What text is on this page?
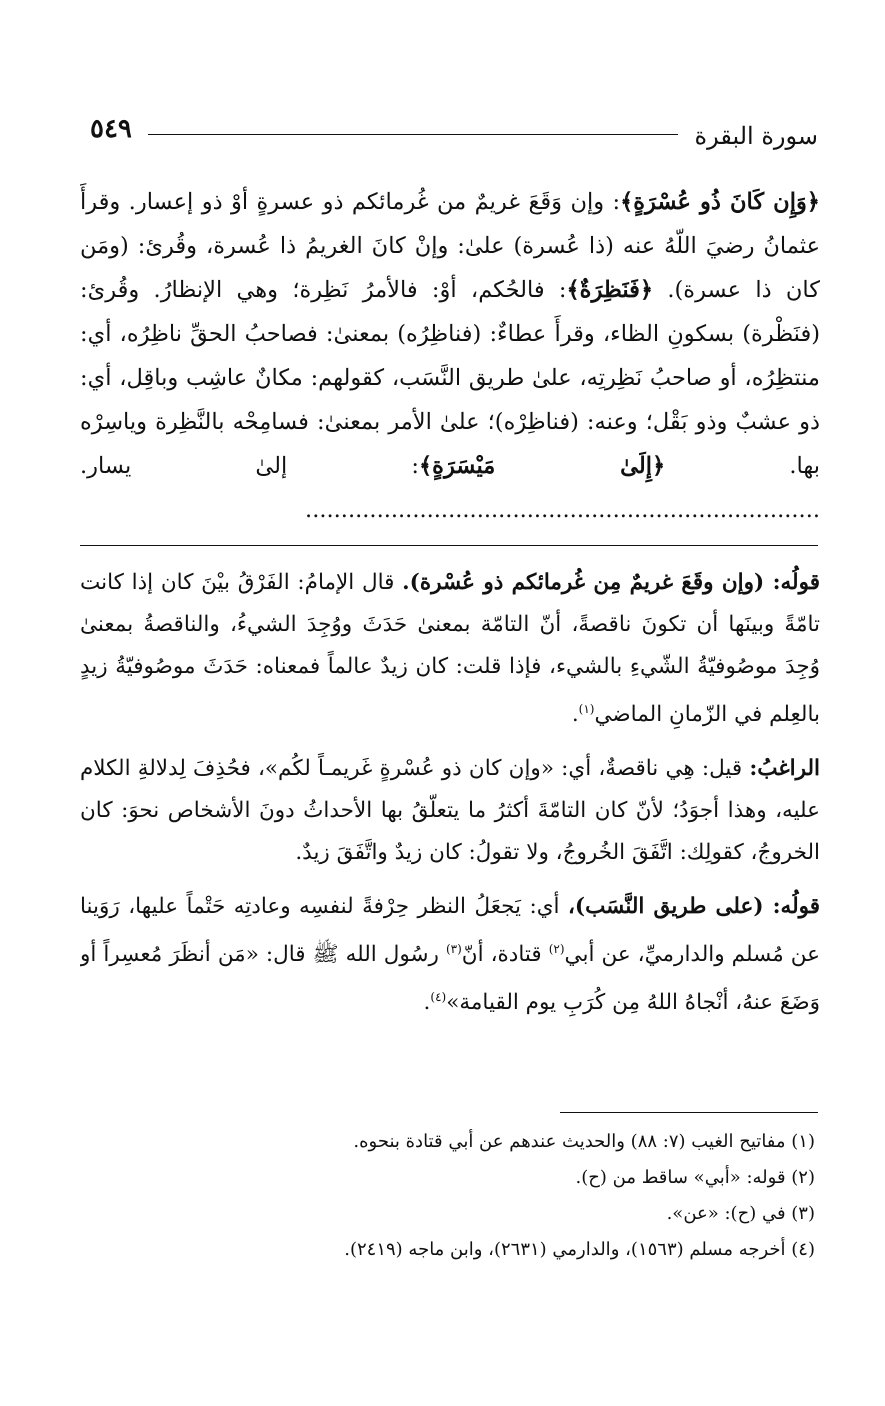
٥٤٩	سورة البقرة
﴿وَإِن كَانَ ذُو عُسْرَةٍ﴾: وإن وَقَعَ غريمٌ من غُرمائكم ذو عسرةٍ أوْ ذو إعسار. وقرأَ عثمانُ رضيَ اللّهُ عنه (ذا عُسرة) علىٰ: وإنْ كانَ الغريمُ ذا عُسرة، وقُرئ: (ومَن كان ذا عسرة). ﴿فَنَظِرَةٌ﴾: فالحُكم، أوْ: فالأمرُ نَظِرة؛ وهي الإنظارُ. وقُرئ: (فنَظْرة) بسكونِ الظاء، وقرأَ عطاءٌ: (فناظِرُه) بمعنىٰ: فصاحبُ الحقِّ ناظِرُه، أي: منتظِرُه، أو صاحبُ نَظِرتِه، علىٰ طريق النَّسَب، كقولهم: مكانٌ عاشِب وباقِل، أي: ذو عشبٌ وذو بَقْل؛ وعنه: (فناظِرْه)؛ علىٰ الأمر بمعنىٰ: فسامِحْه بالنَّظِرة وياسِرْه بها. ﴿إِلَىٰ مَيْسَرَةٍ﴾: إلىٰ يسار. ........................................................................

قولُه: (وإن وقَعَ غريمٌ مِن غُرمائكم ذو عُسْرة). قال الإمامُ: الفَرْقُ بيْنَ كان إذا كانت تامّةً وبينَها أن تكونَ ناقصةً، أنّ التامّة بمعنىٰ حَدَثَ ووُجِدَ الشيءُ، والناقصةُ بمعنىٰ وُجِدَ موصُوفيّةُ الشّيءِ بالشيء، فإذا قلت: كان زيدٌ عالماً فمعناه: حَدَثَ موصُوفيّةُ زيدٍ بالعِلم في الزّمانِ الماضي$^{(١)}$.

الراغبُ: قيل: هِي ناقصةٌ، أي: «وإن كان ذو عُسْرةٍ غَريمـاً لكُم»، فحُذِفَ لِدلالةِ الكلام عليه، وهذا أجوَدُ؛ لأنّ كان التامّةَ أكثرُ ما يتعلّقُ بها الأحداثُ دونَ الأشخاص نحوَ: كان الخروجُ، كقولِك: اتَّفَقَ الخُروجُ، ولا تقولُ: كان زيدٌ واتَّفَقَ زيدٌ.

قولُه: (على طريق النَّسَب)، أي: يَجعَلُ النظر حِرْفةً لنفسِه وعادتِه حَتْماً عليها، رَوَينا عن مُسلم والدارميِّ، عن أبي$^{(٢)}$ قتادة، أنّ$^{(٣)}$ رسُول الله ﷺ قال: «مَن أنظَرَ مُعسِراً أو وَضَعَ عنهُ، أنْجاهُ اللهُ مِن كُرَبِ يوم القيامة»$^{(٤)}$.

(١) مفاتيح الغيب (٧: ٨٨) والحديث عندهم عن أبي قتادة بنحوه.
(٢) قوله: «أبي» ساقط من (ح).
(٣) في (ح): «عن».
(٤) أخرجه مسلم (١٥٦٣)، والدارمي (٢٦٣١)، وابن ماجه (٢٤١٩).
